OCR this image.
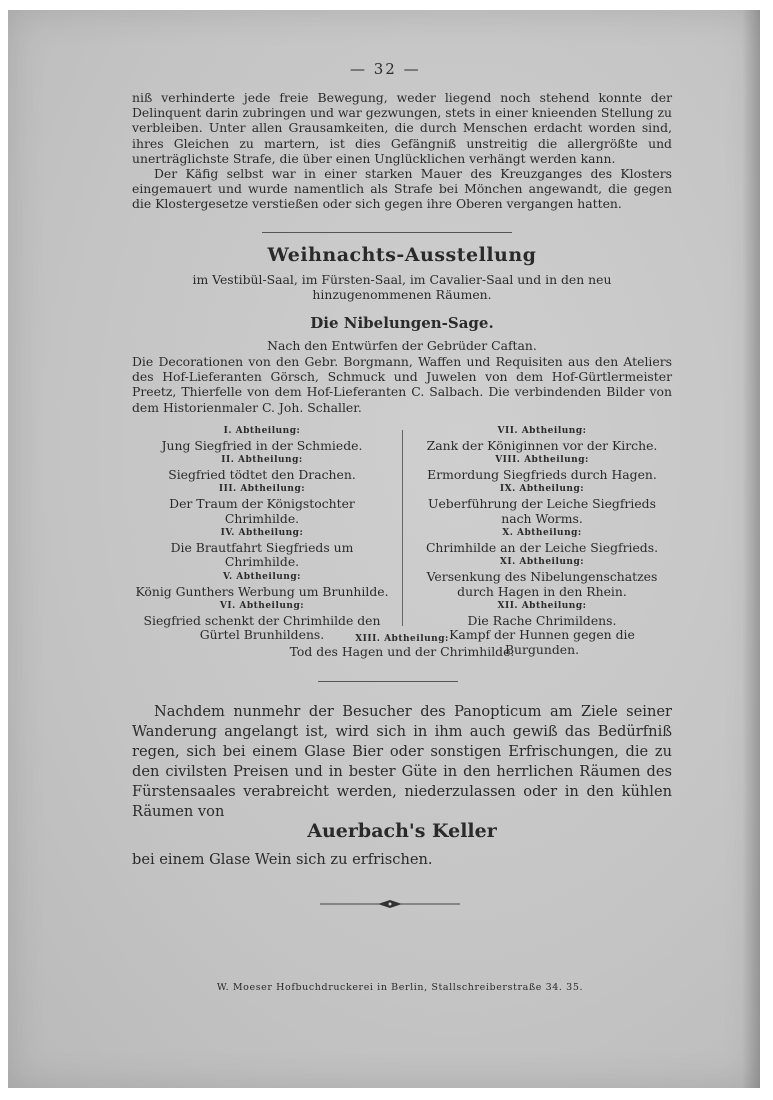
— 32 —

niß verhinderte jede freie Bewegung, weder liegend noch stehend konnte der Delinquent darin zubringen und war gezwungen, stets in einer knieenden Stellung zu verbleiben. Unter allen Grausamkeiten, die durch Menschen erdacht worden sind, ihres Gleichen zu martern, ist dies Gefängniß unstreitig die allergrößte und unerträglichste Strafe, die über einen Unglücklichen verhängt werden kann.

Der Käfig selbst war in einer starken Mauer des Kreuzganges des Klosters eingemauert und wurde namentlich als Strafe bei Mönchen angewandt, die gegen die Klostergesetze verstießen oder sich gegen ihre Oberen vergangen hatten.

Weihnachts-Ausstellung

im Vestibül-Saal, im Fürsten-Saal, im Cavalier-Saal und in den neu hinzugenommenen Räumen.

Die Nibelungen-Sage.
Nach den Entwürfen der Gebrüder Caftan.

Die Decorationen von den Gebr. Borgmann, Waffen und Requisiten aus den Ateliers des Hof-Lieferanten Görsch, Schmuck und Juwelen von dem Hof-Gürtlermeister Preetz, Thierfelle von dem Hof-Lieferanten C. Salbach. Die verbindenden Bilder von dem Historienmaler C. Joh. Schaller.

I. Abtheilung:
Jung Siegfried in der Schmiede.
II. Abtheilung:
Siegfried tödtet den Drachen.
III. Abtheilung:
Der Traum der Königstochter Chrimhilde.
IV. Abtheilung:
Die Brautfahrt Siegfrieds um Chrimhilde.
V. Abtheilung:
König Gunthers Werbung um Brunhilde.
VI. Abtheilung:
Siegfried schenkt der Chrimhilde den Gürtel Brunhildens.
VII. Abtheilung:
Zank der Königinnen vor der Kirche.
VIII. Abtheilung:
Ermordung Siegfrieds durch Hagen.
IX. Abtheilung:
Ueberführung der Leiche Siegfrieds nach Worms.
X. Abtheilung:
Chrimhilde an der Leiche Siegfrieds.
XI. Abtheilung:
Versenkung des Nibelungenschatzes durch Hagen in den Rhein.
XII. Abtheilung:
Die Rache Chrimildens.
Kampf der Hunnen gegen die Burgunden.
XIII. Abtheilung:
Tod des Hagen und der Chrimhilde.

Nachdem nunmehr der Besucher des Panopticum am Ziele seiner Wanderung angelangt ist, wird sich in ihm auch gewiß das Bedürfniß regen, sich bei einem Glase Bier oder sonstigen Erfrischungen, die zu den civilsten Preisen und in bester Güte in den herrlichen Räumen des Fürstensaales verabreicht werden, niederzulassen oder in den kühlen Räumen von

Auerbach's Keller

bei einem Glase Wein sich zu erfrischen.

W. Moeser Hofbuchdruckerei in Berlin, Stallschreiberstraße 34. 35.
